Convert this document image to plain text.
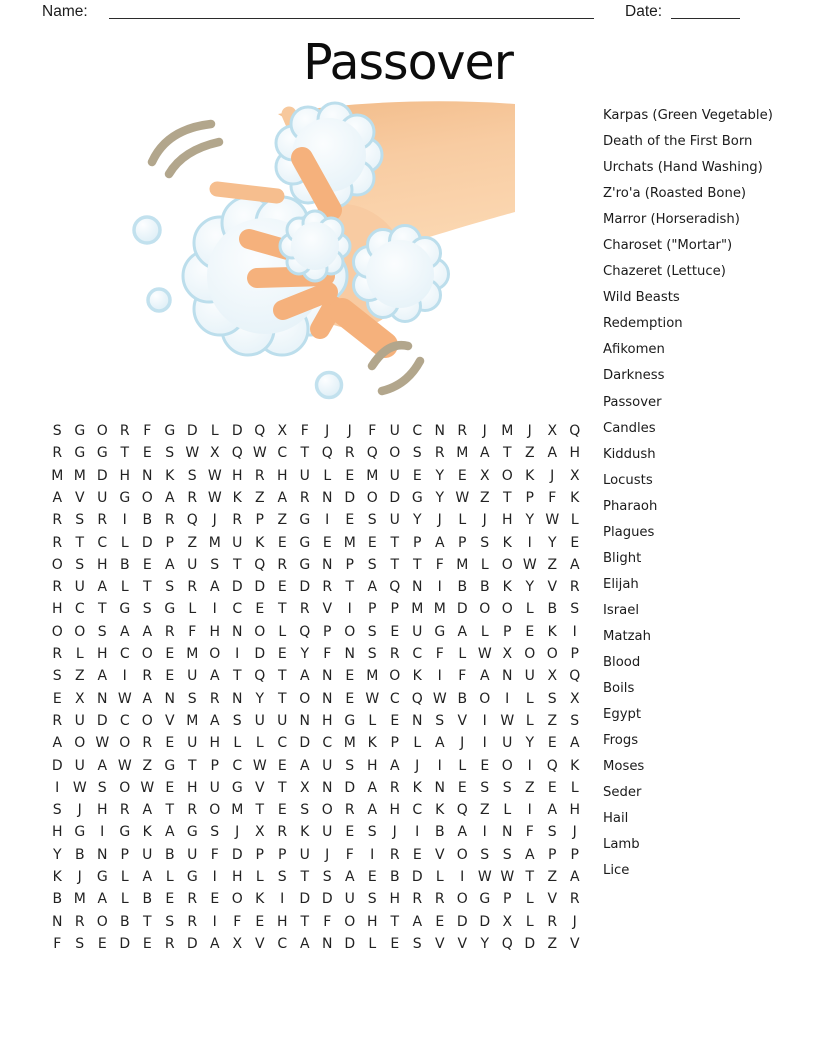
Name:	Date:
Passover
S G O R F G D L D Q X F	J	J	F U C N R	J	M	J	X Q
R G G T E S W X Q W C T Q R Q O S R M A T Z A H
M M D H N K S W H R H U L	E M U E Y E X O K	J	X
A V U G O A R W K Z A R N D O D G Y W Z T P	F K
R S R	I	B R Q	J	R P Z G	I	E S U Y	J	L	J	H Y W L
R T C L D P Z M U K E G E M E T P A P S K	I	Y E
O S H B E A U S T Q R G N P S T T	F M L O W Z A
R U A L	T S R A D D E D R T A Q N	I	B B K Y V R
H C T G S G L	I	C E T R V	I	P	P M M D O O L B S
O O S A A R F H N O L Q P O S E U G A L	P E K	I
R L H C O E M O	I	D E Y	F N S R C F	L W X O O P
S Z A	I	R E U A T Q T A N E M O K	I	F A N U X Q
E X N W A N S R N Y T O N E W C Q W B O	I	L	S X
R U D C O V M A S U U N H G L	E N S V	I W L Z S
A O W O R E U H L	L C D C M K P	L A	J	I	U Y E A
D U A W Z G T P C W E A U S H A	J	I	L	E O	I	Q K
I W S O W E H U G V T X N D A R K N E S S Z E	L
S	J	H R A T R O M T E S O R A H C K Q Z L	I	A H
H G	I	G K A G S	J	X R K U E S	J	I	B A	I	N F	S	J
Y B N P U B U F D P	P U	J	F	I	R E V O S S A P	P
K	J	G L A L G	I	H L	S T S A E B D L	I W W T Z A
B M A L B E R E O K	I	D D U S H R R O G P	L V R
N R O B T S R	I	F	E H T	F O H T A E D D X L R	J
F	S E D E R D A X V C A N D L	E S V V Y Q D Z V
Karpas (Green Vegetable)
Death of the First Born
Urchats (Hand Washing)
Z'ro'a (Roasted Bone)
Marror (Horseradish)
Charoset ("Mortar")
Chazeret (Lettuce)
Wild Beasts
Redemption
Afikomen
Darkness
Passover
Candles
Kiddush
Locusts
Pharaoh
Plagues
Blight
Elijah
Israel
Matzah
Blood
Boils
Egypt
Frogs
Moses
Seder
Hail
Lamb
Lice
